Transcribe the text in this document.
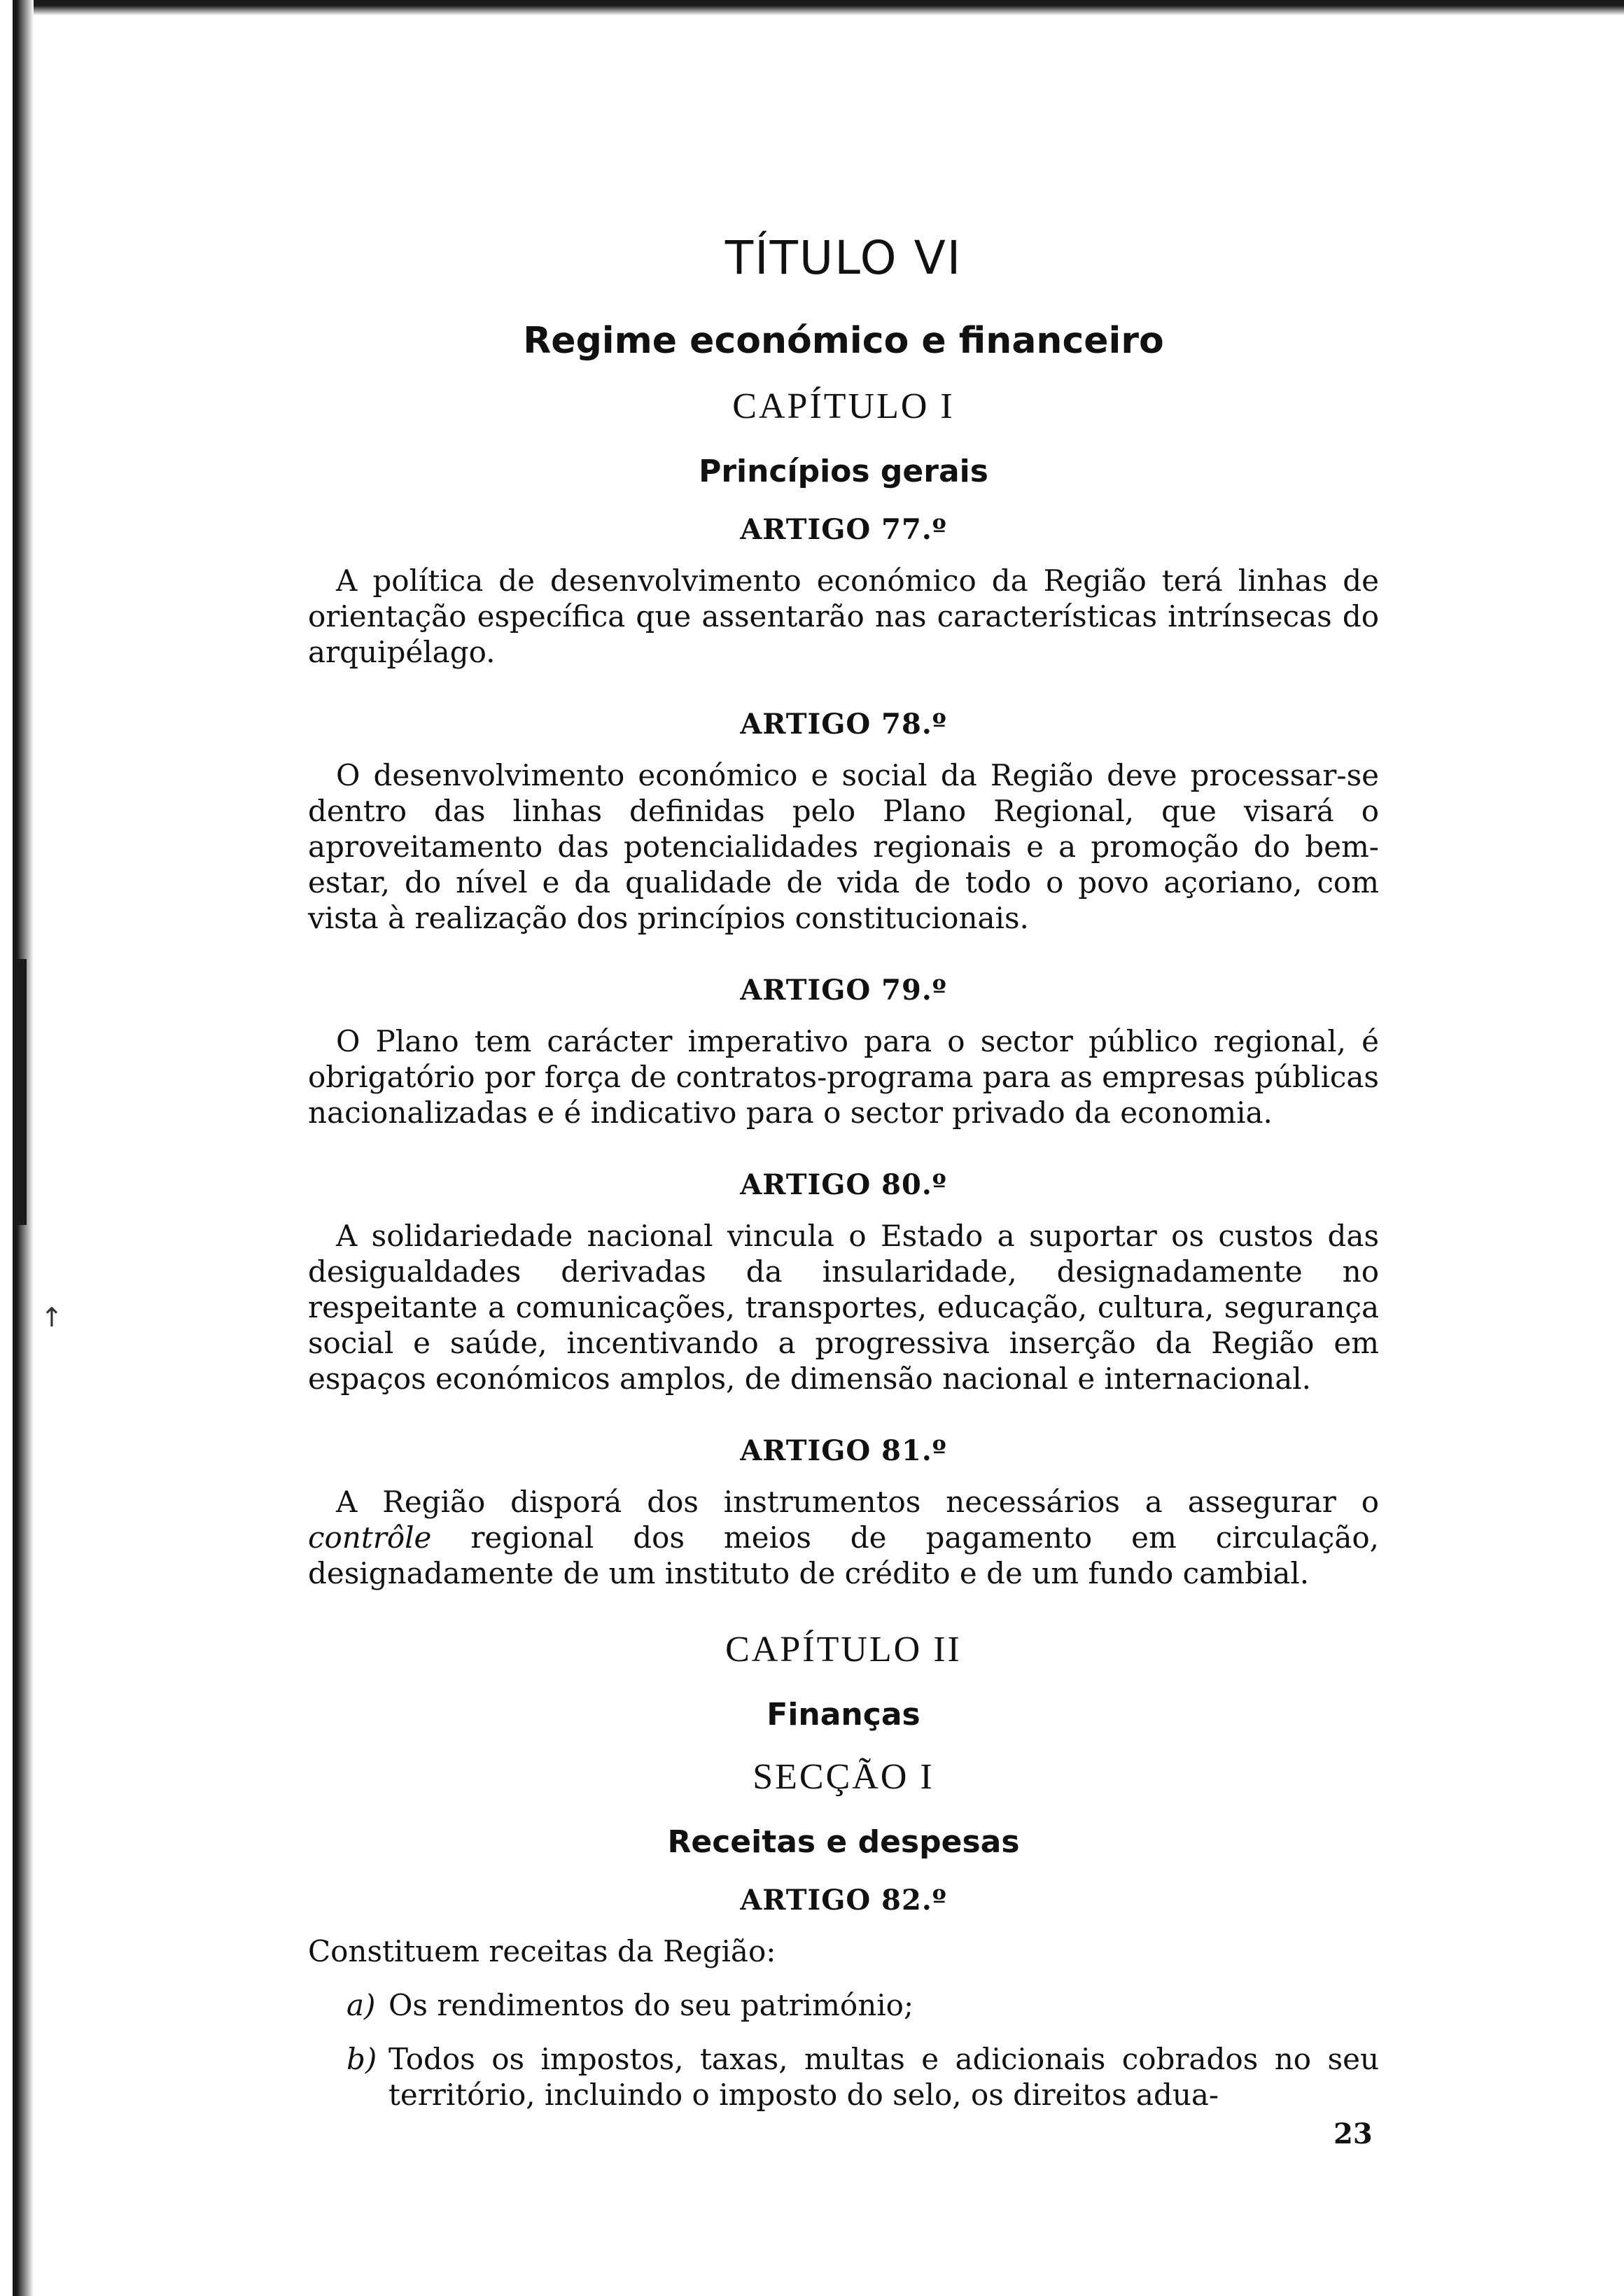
↑
TÍTULO VI
Regime económico e financeiro
CAPÍTULO I
Princípios gerais
ARTIGO 77.º

A política de desenvolvimento económico da Região terá linhas de orientação específica que assentarão nas características intrínsecas do arquipélago.

ARTIGO 78.º

O desenvolvimento económico e social da Região deve processar-se dentro das linhas definidas pelo Plano Regional, que visará o aproveitamento das potencialidades regionais e a promoção do bem-estar, do nível e da qualidade de vida de todo o povo açoriano, com vista à realização dos princípios constitucionais.

ARTIGO 79.º

O Plano tem carácter imperativo para o sector público regional, é obrigatório por força de contratos-programa para as empresas públicas nacionalizadas e é indicativo para o sector privado da economia.

ARTIGO 80.º

A solidariedade nacional vincula o Estado a suportar os custos das desigualdades derivadas da insularidade, designadamente no respeitante a comunicações, transportes, educação, cultura, segurança social e saúde, incentivando a progressiva inserção da Região em espaços económicos amplos, de dimensão nacional e internacional.

ARTIGO 81.º

A Região disporá dos instrumentos necessários a assegurar o contrôle regional dos meios de pagamento em circulação, designadamente de um instituto de crédito e de um fundo cambial.

CAPÍTULO II
Finanças
SECÇÃO I
Receitas e despesas
ARTIGO 82.º

Constituem receitas da Região:

a) Os rendimentos do seu património;
b) Todos os impostos, taxas, multas e adicionais cobrados no seu território, incluindo o imposto do selo, os direitos adua-
23
